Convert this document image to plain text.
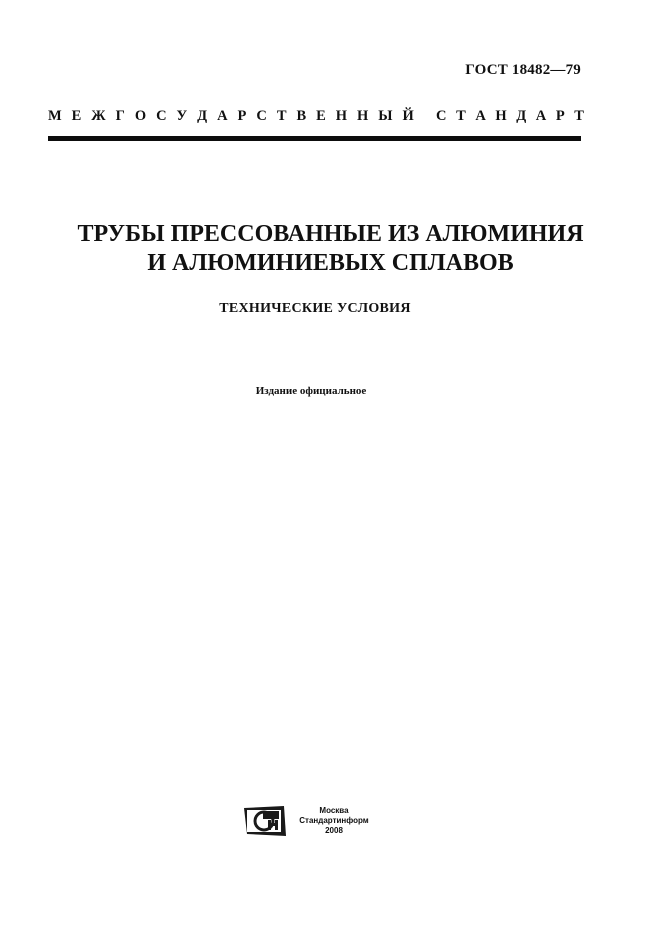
ГОСТ 18482—79
М Е Ж Г О С У Д А Р С Т В Е Н Н Ы Й С Т А Н Д А Р Т
ТРУБЫ ПРЕССОВАННЫЕ ИЗ АЛЮМИНИЯ
И АЛЮМИНИЕВЫХ СПЛАВОВ
ТЕХНИЧЕСКИЕ УСЛОВИЯ
Издание официальное
Москва
Стандартинформ
2008
